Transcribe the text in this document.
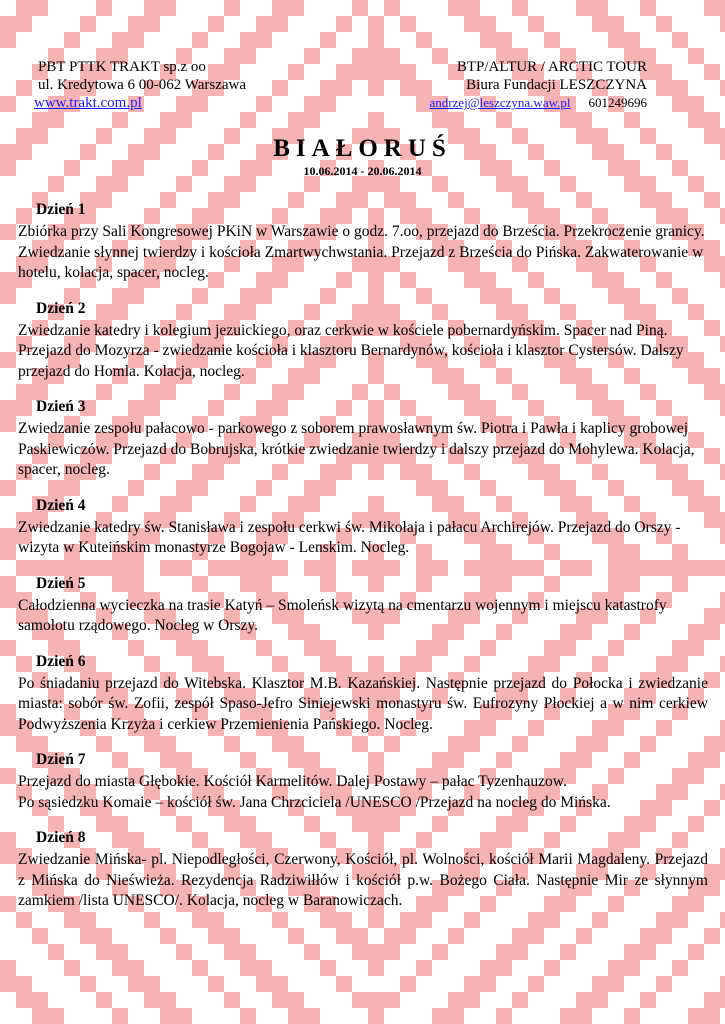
PBT PTTK TRAKT sp.z oo
ul. Kredytowa 6 00-062 Warszawa
www.trakt.com.pl
BTP/ALTUR / ARCTIC TOUR
Biura Fundacji LESZCZYNA
andrzej@leszczyna.waw.pl 601249696
BIAŁORUŚ
10.06.2014 - 20.06.2014
Dzień 1

Zbiórka przy Sali Kongresowej PKiN w Warszawie o godz. 7.oo, przejazd do Brześcia. Przekroczenie granicy. Zwiedzanie słynnej twierdzy i kościoła Zmartwychwstania. Przejazd z Brześcia do Pińska. Zakwaterowanie w hotelu, kolacja, spacer, nocleg.

Dzień 2

Zwiedzanie katedry i kolegium jezuickiego, oraz cerkwie w kościele pobernardyńskim. Spacer nad Piną. Przejazd do Mozyrza - zwiedzanie kościoła i klasztoru Bernardynów, kościoła i klasztor Cystersów. Dalszy przejazd do Homla. Kolacja, nocleg.

Dzień 3

Zwiedzanie zespołu pałacowo - parkowego z soborem prawosławnym św. Piotra i Pawła i kaplicy grobowej Paskiewiczów. Przejazd do Bobrujska, krótkie zwiedzanie twierdzy i dalszy przejazd do Mohylewa. Kolacja, spacer, nocleg.

Dzień 4

Zwiedzanie katedry św. Stanisława i zespołu cerkwi św. Mikołaja i pałacu Archirejów. Przejazd do Orszy - wizyta w Kuteińskim monastyrze Bogojaw - Lenskim. Nocleg.

Dzień 5

Całodzienna wycieczka na trasie Katyń – Smoleńsk wizytą na cmentarzu wojennym i miejscu katastrofy samolotu rządowego. Nocleg w Orszy.

Dzień 6

Po śniadaniu przejazd do Witebska. Klasztor M.B. Kazańskiej. Następnie przejazd do Połocka i zwiedzanie miasta: sobór św. Zofii, zespół Spaso-Jefro Siniejewski monastyru św. Eufrozyny Płockiej a w nim cerkiew Podwyższenia Krzyża i cerkiew Przemienienia Pańskiego. Nocleg.

Dzień 7

Przejazd do miasta Głębokie. Kościół Karmelitów. Dalej Postawy – pałac Tyzenhauzow.

Po sąsiedzku Komaie – kościół św. Jana Chrzciciela /UNESCO /Przejazd na nocleg do Mińska.

Dzień 8

Zwiedzanie Mińska- pl. Niepodległości, Czerwony, Kościół, pl. Wolności, kościół Marii Magdaleny. Przejazd z Mińska do Nieświeża. Rezydencja Radziwiłłów i kościół p.w. Bożego Ciała. Następnie Mir ze słynnym zamkiem /lista UNESCO/. Kolacja, nocleg w Baranowiczach.
